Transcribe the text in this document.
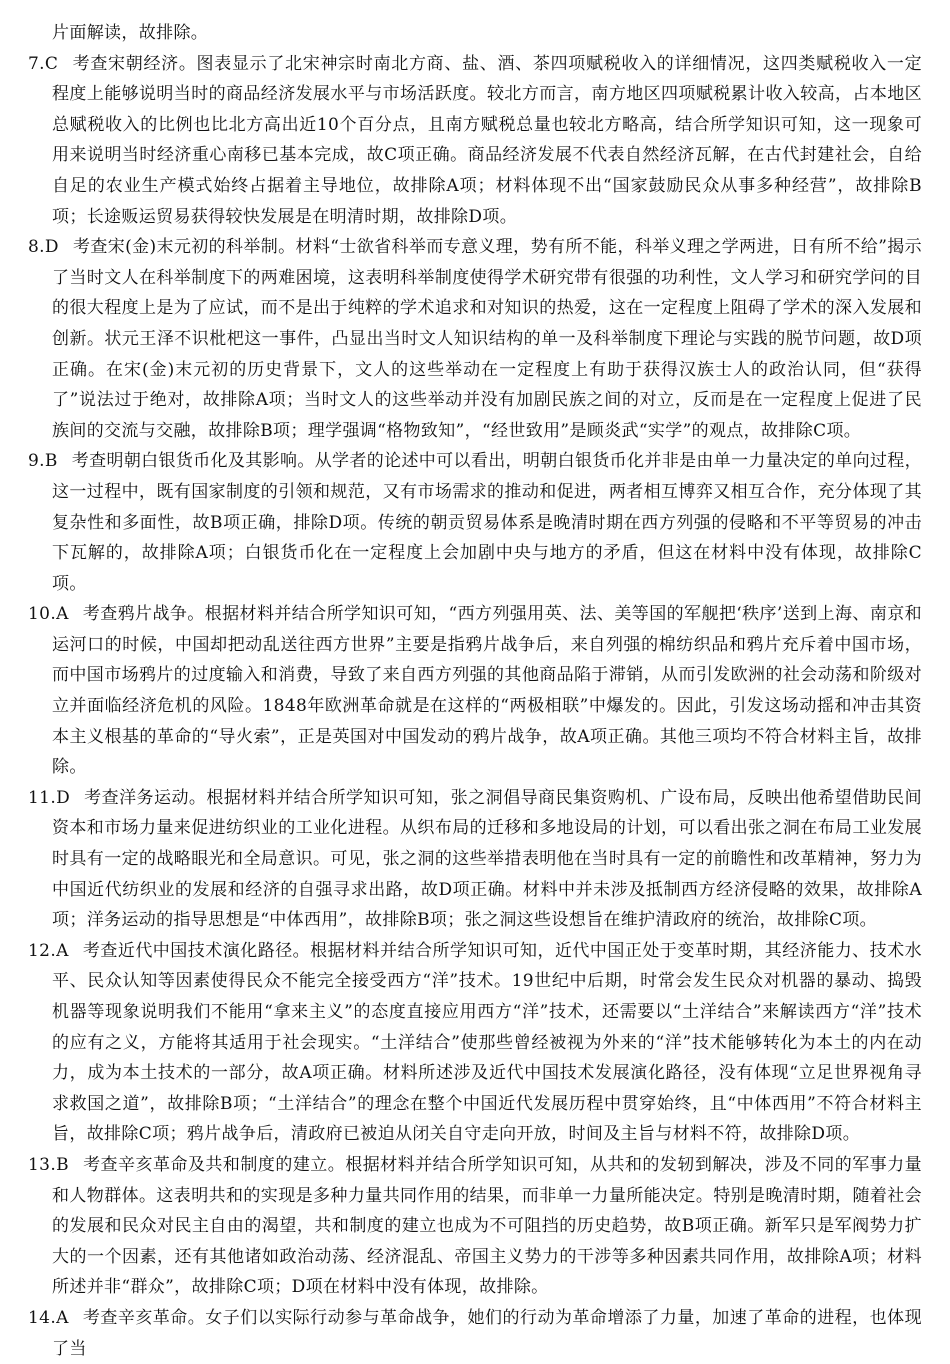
片面解读，故排除。

7.C 考查宋朝经济。图表显示了北宋神宗时南北方商、盐、酒、茶四项赋税收入的详细情况，这四类赋税收入一定程度上能够说明当时的商品经济发展水平与市场活跃度。较北方而言，南方地区四项赋税累计收入较高，占本地区总赋税收入的比例也比北方高出近10个百分点，且南方赋税总量也较北方略高，结合所学知识可知，这一现象可用来说明当时经济重心南移已基本完成，故C项正确。商品经济发展不代表自然经济瓦解，在古代封建社会，自给自足的农业生产模式始终占据着主导地位，故排除A项；材料体现不出“国家鼓励民众从事多种经营”，故排除B项；长途贩运贸易获得较快发展是在明清时期，故排除D项。

8.D 考查宋(金)末元初的科举制。材料“士欲省科举而专意义理，势有所不能，科举义理之学两进，日有所不给”揭示了当时文人在科举制度下的两难困境，这表明科举制度使得学术研究带有很强的功利性，文人学习和研究学问的目的很大程度上是为了应试，而不是出于纯粹的学术追求和对知识的热爱，这在一定程度上阻碍了学术的深入发展和创新。状元王泽不识枇杷这一事件，凸显出当时文人知识结构的单一及科举制度下理论与实践的脱节问题，故D项正确。在宋(金)末元初的历史背景下，文人的这些举动在一定程度上有助于获得汉族士人的政治认同，但“获得了”说法过于绝对，故排除A项；当时文人的这些举动并没有加剧民族之间的对立，反而是在一定程度上促进了民族间的交流与交融，故排除B项；理学强调“格物致知”，“经世致用”是顾炎武“实学”的观点，故排除C项。

9.B 考查明朝白银货币化及其影响。从学者的论述中可以看出，明朝白银货币化并非是由单一力量决定的单向过程，这一过程中，既有国家制度的引领和规范，又有市场需求的推动和促进，两者相互博弈又相互合作，充分体现了其复杂性和多面性，故B项正确，排除D项。传统的朝贡贸易体系是晚清时期在西方列强的侵略和不平等贸易的冲击下瓦解的，故排除A项；白银货币化在一定程度上会加剧中央与地方的矛盾，但这在材料中没有体现，故排除C项。

10.A 考查鸦片战争。根据材料并结合所学知识可知，“西方列强用英、法、美等国的军舰把‘秩序’送到上海、南京和运河口的时候，中国却把动乱送往西方世界”主要是指鸦片战争后，来自列强的棉纺织品和鸦片充斥着中国市场，而中国市场鸦片的过度输入和消费，导致了来自西方列强的其他商品陷于滞销，从而引发欧洲的社会动荡和阶级对立并面临经济危机的风险。1848年欧洲革命就是在这样的“两极相联”中爆发的。因此，引发这场动摇和冲击其资本主义根基的革命的“导火索”，正是英国对中国发动的鸦片战争，故A项正确。其他三项均不符合材料主旨，故排除。

11.D 考查洋务运动。根据材料并结合所学知识可知，张之洞倡导商民集资购机、广设布局，反映出他希望借助民间资本和市场力量来促进纺织业的工业化进程。从织布局的迁移和多地设局的计划，可以看出张之洞在布局工业发展时具有一定的战略眼光和全局意识。可见，张之洞的这些举措表明他在当时具有一定的前瞻性和改革精神，努力为中国近代纺织业的发展和经济的自强寻求出路，故D项正确。材料中并未涉及抵制西方经济侵略的效果，故排除A项；洋务运动的指导思想是“中体西用”，故排除B项；张之洞这些设想旨在维护清政府的统治，故排除C项。

12.A 考查近代中国技术演化路径。根据材料并结合所学知识可知，近代中国正处于变革时期，其经济能力、技术水平、民众认知等因素使得民众不能完全接受西方“洋”技术。19世纪中后期，时常会发生民众对机器的暴动、捣毁机器等现象说明我们不能用“拿来主义”的态度直接应用西方“洋”技术，还需要以“土洋结合”来解读西方“洋”技术的应有之义，方能将其适用于社会现实。“土洋结合”使那些曾经被视为外来的“洋”技术能够转化为本土的内在动力，成为本土技术的一部分，故A项正确。材料所述涉及近代中国技术发展演化路径，没有体现“立足世界视角寻求救国之道”，故排除B项；“土洋结合”的理念在整个中国近代发展历程中贯穿始终，且“中体西用”不符合材料主旨，故排除C项；鸦片战争后，清政府已被迫从闭关自守走向开放，时间及主旨与材料不符，故排除D项。

13.B 考查辛亥革命及共和制度的建立。根据材料并结合所学知识可知，从共和的发轫到解决，涉及不同的军事力量和人物群体。这表明共和的实现是多种力量共同作用的结果，而非单一力量所能决定。特别是晚清时期，随着社会的发展和民众对民主自由的渴望，共和制度的建立也成为不可阻挡的历史趋势，故B项正确。新军只是军阀势力扩大的一个因素，还有其他诸如政治动荡、经济混乱、帝国主义势力的干涉等多种因素共同作用，故排除A项；材料所述并非“群众”，故排除C项；D项在材料中没有体现，故排除。

14.A 考查辛亥革命。女子们以实际行动参与革命战争，她们的行动为革命增添了力量，加速了革命的进程，也体现了当
